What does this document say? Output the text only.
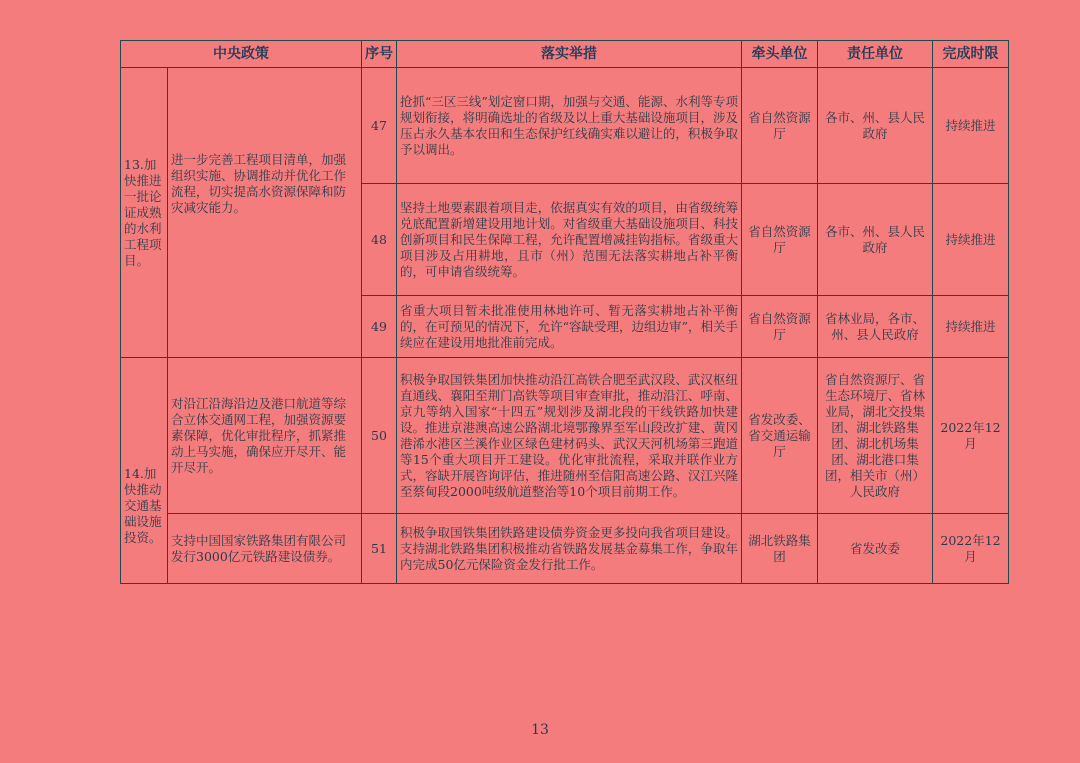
中央政策		序号	落实举措	牵头单位	责任单位	完成时限
13.加快推进一批论证成熟的水利工程项目。	进一步完善工程项目清单，加强组织实施、协调推动并优化工作流程，切实提高水资源保障和防灾减灾能力。	47	抢抓“三区三线”划定窗口期，加强与交通、能源、水利等专项规划衔接，将明确选址的省级及以上重大基础设施项目，涉及压占永久基本农田和生态保护红线确实难以避让的，积极争取予以调出。	省自然资源厅	各市、州、县人民政府	持续推进
		48	坚持土地要素跟着项目走，依据真实有效的项目，由省级统筹兑底配置新增建设用地计划。对省级重大基础设施项目、科技创新项目和民生保障工程，允许配置增减挂钩指标。省级重大项目涉及占用耕地，且市（州）范围无法落实耕地占补平衡的，可申请省级统筹。	省自然资源厅	各市、州、县人民政府	持续推进
		49	省重大项目暂未批准使用林地许可、暂无落实耕地占补平衡的，在可预见的情况下，允许“容缺受理，边组边审”，相关手续应在建设用地批准前完成。	省自然资源厅	省林业局，各市、州、县人民政府	持续推进
14.加快推动交通基础设施投资。	对沿江沿海沿边及港口航道等综合立体交通网工程，加强资源要素保障，优化审批程序，抓紧推动上马实施，确保应开尽开、能开尽开。	50	积极争取国铁集团加快推动沿江高铁合肥至武汉段、武汉枢纽直通线、襄阳至荆门高铁等项目审查审批，推动沿江、呼南、京九等纳入国家“十四五”规划涉及湖北段的干线铁路加快建设。推进京港澳高速公路湖北境鄂豫界至军山段改扩建、黄冈港浠水港区兰溪作业区绿色建材码头、武汉天河机场第三跑道等15个重大项目开工建设。优化审批流程，采取并联作业方式，容缺开展咨询评估，推进随州至信阳高速公路、汉江兴隆至蔡甸段2000吨级航道整治等10个项目前期工作。	省发改委、省交通运输厅	省自然资源厅、省生态环境厅、省林业局，湖北交投集团、湖北铁路集团、湖北机场集团、湖北港口集团，相关市（州）人民政府	2022年12月
	支持中国国家铁路集团有限公司发行3000亿元铁路建设债券。	51	积极争取国铁集团铁路建设债券资金更多投向我省项目建设。支持湖北铁路集团积极推动省铁路发展基金募集工作，争取年内完成50亿元保险资金发行批工作。	湖北铁路集团	省发改委	2022年12月
13
